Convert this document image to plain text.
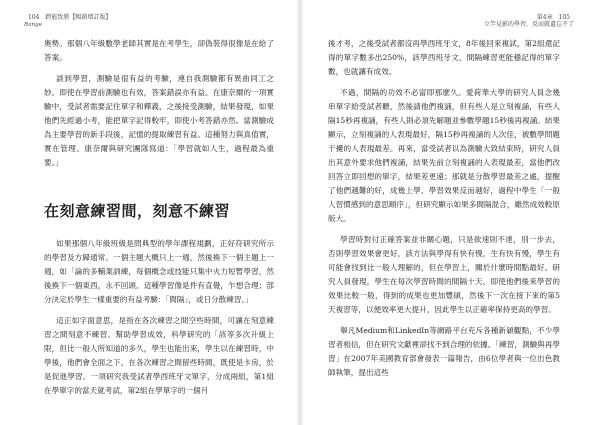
104 跨能致勝【暢銷增訂版】
Range

奧勢。那個八年級數學老師其實是在考學生，卻偽裝得很像是在給了答案。

談到學習，測驗是很有益的考驗，連自我測驗都有異曲同工之妙。即使在學習前測驗也有效，答案錯誤亦有益。在康奈爾的一項實驗中，受試者需要記住單字和釋義，之後接受測驗，結果發現，如果他們先經過小考，能把單字記得較牢，即使小考答錯亦然。當測驗成為主要學習的新手段後，記憶的提取練習有益。這種努力與真值實，實在管理、康奈爾與研究團隊寫道：「學習就如人生，過程最為重要。」

在刻意練習間，刻意不練習

如果那個八年級班級是問典型的學年課程規劃，正好符研究所示的學習及方歸通常。一個主題大概只上一週，然後換下一個主題上一週，如「論的多輔業訓練，每個概念或技能只集中火力短暫學習，然後換下一個東西，永不回頭。這種學習像是件有直覺，乍想合理；部分決定於學生一樣重要的有益考驗：「間隔」，或日分散練習。」

這正如字面意思，是指在各次練習之間空些時間，可讓在刻意練習之間刻意不練習。幫助學習成效，科學研究的「該等多次升級上限，但比一般人所知道的多久，學生也能出來，學生以在練習時，中學後，他們會全面之下，在各次練習之間留些時間，既使是卡房，於是促進學習。一項研究我受試者學西班牙文單字，分成兩組，第1組在學單字的當天就考試，第2組在學單字的一個月

第4章 105
立竿見影的學習，反而就遺忘不了

後才考，之後受試者都沒再學西班牙文，8年後回來複試，第2組還記得的單字數多出250%，該學西班牙文，間隔練習更能穩記得的單字數，也就讓有成效。

不過，間隔的功效不必富即那麼久。愛荷華大學的研究人員念幾串單字給受試者聽，然後請他們複誦，但有些人是立刻複誦，有些人隔15秒再複誦，有些人則必須先解題並參數學題15秒後再複誦。結果顯示，立刻複誦的人表現最好，隔15秒再複誦的人次佳，被數學問題干擾的人表現最差。再來，當受試者以為測驗大致結束時，研究人員出其意外要求他們複誦，結果先前立刻複誦的人表現最差，當他們改回答立即回想的單字，結果差更遠；那就是分散學習最差之處，提醒了他們越難的好，成幾上學、學習效果反而越好，過程中學生「一般人習慣感到的意思順序」，但研究顯示如果多間隔混合，雖然成效較原版大。

學習時對付正確答案並非關心題，只是欲速則不達，別一步去，否則學習效果會更好，該方法與學得有快有慢，生有快有慢，學生有可能會找到比一般人理解的，但在學習上，關於什麼時間點最好。研究人員發現，學生在每次學習時間的間隔十天，即使他們後來學習的效果比較一般，得到的成果也更加豐碩，然後下一次在接下來的第5天複習等，以便效率更大提升，因此學生以正確率保持更高的學習。

舉凡Medium和LinkedIn等網路平台充斥各種新穎觀點，不少學習者相信，但在研究文獻裡卻找不到合理的依據。「練習，測驗與再學習」在2007年美國教育部會發表一篇報告，由6位學者與一位出色教師執筆，提出這些
